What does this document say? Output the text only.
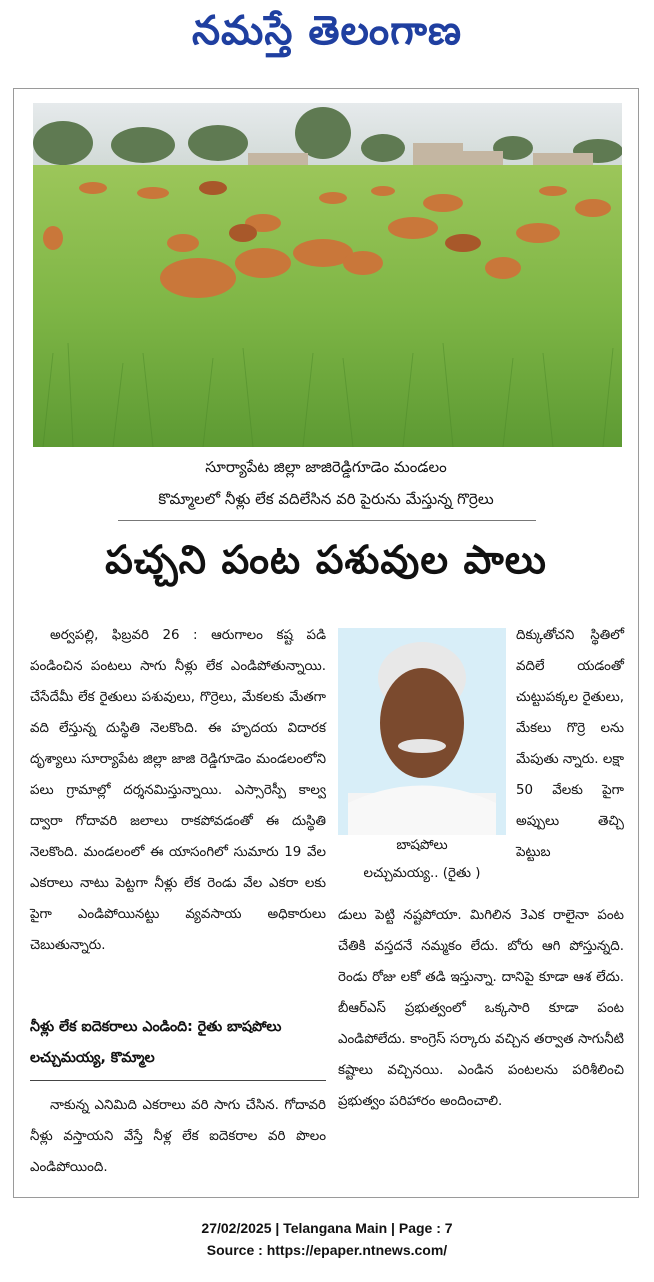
నమస్తే తెలంగాణ
సూర్యాపేట జిల్లా జాజిరెడ్డిగూడెం మండలం
కొమ్మాలలో నీళ్లు లేక వదిలేసిన వరి పైరును మేస్తున్న గొర్రెలు
పచ్చని పంట పశువుల పాలు

అర్వపల్లి, ఫిబ్రవరి 26 : ఆరుగాలం కష్ట పడి పండించిన పంటలు సాగు నీళ్లు లేక ఎండిపోతున్నాయి. చేసేదేమీ లేక రైతులు పశువులు, గొర్రెలు, మేకలకు మేతగా వది లేస్తున్న దుస్థితి నెలకొంది. ఈ హృదయ విదారక దృశ్యాలు సూర్యాపేట జిల్లా జాజి రెడ్డిగూడెం మండలంలోని పలు గ్రామాల్లో దర్శనమిస్తున్నాయి. ఎస్సారెస్పీ కాల్వ ద్వారా గోదావరి జలాలు రాకపోవడంతో ఈ దుస్థితి నెలకొంది. మండలంలో ఈ యాసంగిలో సుమారు 19 వేల ఎకరాలు నాటు పెట్టగా నీళ్లు లేక రెండు వేల ఎకరా లకు పైగా ఎండిపోయినట్టు వ్యవసాయ అధికారులు చెబుతున్నారు.

బాషపోలు
లచ్చుమయ్య.. (రైతు )

దిక్కుతోచని స్థితిలో వదిలే యడంతో చుట్టుపక్కల రైతులు, మేకలు గొర్రె లను మేపుతు న్నారు. లక్షా 50 వేలకు పైగా అప్పులు తెచ్చి పెట్టుబ

డులు పెట్టి నష్టపోయా. మిగిలిన 3ఎక రాలైనా పంట చేతికి వస్తదనే నమ్మకం లేదు. బోరు ఆగి పోస్తున్నది. రెండు రోజు లకో తడి ఇస్తున్నా. దానిపై కూడా ఆశ లేదు. బీఆర్‌ఎస్ ప్రభుత్వంలో ఒక్కసారి కూడా పంట ఎండిపోలేదు. కాంగ్రెస్ సర్కారు వచ్చిన తర్వాత సాగునీటి కష్టాలు వచ్చినయి. ఎండిన పంటలను పరిశీలించి ప్రభుత్వం పరిహారం అందించాలి.

నీళ్లు లేక ఐదెకరాలు ఎండింది: రైతు బాషపోలు లచ్చుమయ్య, కొమ్మాల

నాకున్న ఎనిమిది ఎకరాలు వరి సాగు చేసిన. గోదావరి నీళ్లు వస్తాయని వేస్తే నీళ్ల లేక ఐదెకరాల వరి పొలం ఎండిపోయింది.

27/02/2025 | Telangana Main | Page : 7
Source : https://epaper.ntnews.com/
